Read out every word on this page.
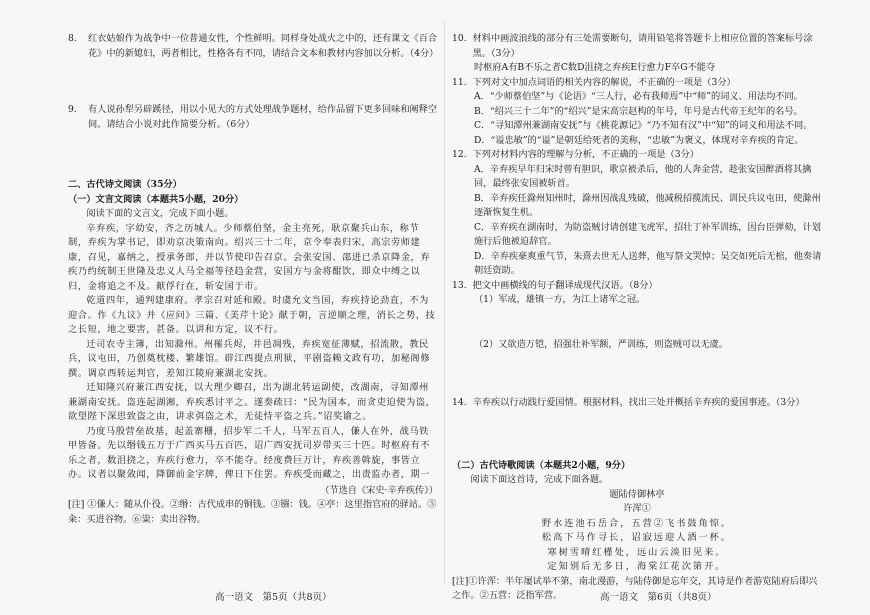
8.	红衣姑娘作为战争中一位普通女性，个性鲜明。同样身处战火之中的，还有课文《百合花》中的新媳妇，两者相比，性格各有不同，请结合文本和教材内容加以分析。（4分）
9.	有人说孙犁另辟蹊径，用以小见大的方式处理战争题材，给作品留下更多回味和阐释空间。请结合小说对此作简要分析。（6分）
二、古代诗文阅读（35分）
（一）文言文阅读（本题共5小题，20分）
阅读下面的文言文，完成下面小题。

辛弃疾，字幼安，齐之历城人。少师蔡伯坚，金主亮死，耿京聚兵山东，称节制，弃疾为掌书记，即劝京决策南向。绍兴三十二年，京令奉表归宋，高宗劳师建康，召见，嘉纳之，授承务郎，并以节使印告召京。会张安国、邵进已杀京降金，弃疾乃约统制王世隆及忠义人马全福等径趋金营，安国方与金将酣饮，即众中缚之以归，金将追之不及。献俘行在，斩安国于市。

乾道四年，通判建康府。孝宗召对延和殿。时虞允文当国，弃疾持论劲直，不为迎合。作《九议》并《应问》三篇、《美芹十论》献于朝，言逆顺之理，消长之势，技之长短，地之要害，甚备。以讲和方定，议不行。

迁司农寺主簿，出知滁州。州罹兵烬，井邑凋残，弃疾宽征薄赋，招流散，教民兵，议屯田，乃创奠枕楼、繁雄馆。辟江西提点刑狱，平剧盗赖文政有功，加秘阁修撰。调京西转运判官，差知江陵府兼湖北安抚。

迁知隆兴府兼江西安抚，以大理少卿召，出为湖北转运副使，改湖南，寻知潭州兼湖南安抚。盗连起湖湘，弃疾悉讨平之。遂奏疏曰：“民为国本，而贪吏迫使为盗，欲望陛下深思致盗之由，讲求弭盗之术，无徒恃平盗之兵。”诏奖谕之。

乃度马殷营垒故基，起盖寨栅，招步军二千人，马军五百人，傔人在外，战马铁甲皆备。先以缗钱五万于广西买马五百匹，诏广西安抚司岁带买三十匹。时枢府有不乐之者，数沮挠之，弃疾行愈力，卒不能夺。经度费巨万计，弃疾善斡旋，事皆立办。议者以聚敛闻，降御前金字牌，俾日下住罢。弃疾受而藏之，出责监办者，期一

（节选自《宋史·辛弃疾传》）
[注] ①傔人：随从仆役。②缗：古代成串的铜钱。③镪：钱。④亭：这里指官府的驿站。⑤籴：买进谷物。⑥粜：卖出谷物。
高一语文　第5页（共8页）
10. 材料中画波浪线的部分有三处需要断句，请用铅笔将答题卡上相应位置的答案标号涂黑。（3分）
时枢府A有B不乐之者C数D沮挠之弃疾E行愈力F卒G不能夺
11. 下列对文中加点词语的相关内容的解说，不正确的一项是（3分）
A．“少师蔡伯坚”与《论语》“三人行，必有我师焉”中“师”的词义、用法均不同。
B．“绍兴三十二年”的“绍兴”是宋高宗赵构的年号，年号是古代帝王纪年的名号。
C．“寻知潭州兼湖南安抚”与《桃花源记》“乃不知有汉”中“知”的词义和用法不同。
D．“谥忠敏”的“谥”是朝廷给死者的美称，“忠敏”为褒义，体现对辛弃疾的肯定。
12. 下列对材料内容的理解与分析，不正确的一项是（3分）
A．辛弃疾早年归宋时曾有胆识，歌京被杀后，他的人奔金营，趁张安国醉酒将其擒回，最终张安国被斩首。
B．辛弃疾任滁州知州时，滁州因战乱残破，他减税招揽流民、训民兵议屯田，使滁州逐渐恢复生机。
C．辛弃疾在湖南时，为防盗贼讨请创建飞虎军，招壮丁补军训练，因台臣弹劾，计划施行后他被迫辞官。
D．辛弃疾豪爽重气节，朱熹去世无人送葬，他写祭文哭悼；吴交如死后无棺，他奏请朝廷资助。
13. 把文中画横线的句子翻译成现代汉语。（8分）
（1）军成，雄镇一方，为江上诸军之冠。
（2）又欲造万铠，招强壮补军额，严训练，则盗贼可以无虞。
14. 辛弃疾以行动践行爱国情。根据材料，找出三处并概括辛弃疾的爱国事迹。（3分）
（二）古代诗歌阅读（本题共2小题，9分）
阅读下面这首诗，完成下面各题。
题陆侍御林亭
许浑①
野水连池石岳合，五营②飞书鼓角惊。
松高下马作寻长，诏寂远迎人酒一杯。
寒树雪晴红槿处，远山云淡旧见来。
定知别后无多日，海棠江花次第开。
[注]①许浑：半年屡试举不第，南北漫游，与陆侍御是忘年交，其诗是作者游览陆府后即兴之作。②五营：泛指军营。	高一语文　第6页（共8页）
